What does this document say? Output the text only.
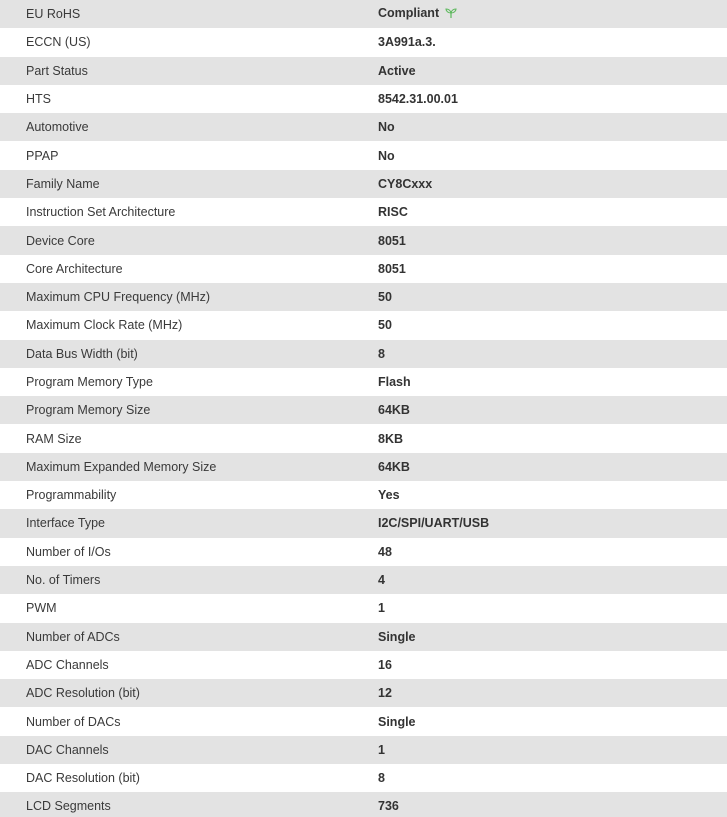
EU RoHS	Compliant
ECCN (US)	3A991a.3.
Part Status	Active
HTS	8542.31.00.01
Automotive	No
PPAP	No
Family Name	CY8Cxxx
Instruction Set Architecture	RISC
Device Core	8051
Core Architecture	8051
Maximum CPU Frequency (MHz)	50
Maximum Clock Rate (MHz)	50
Data Bus Width (bit)	8
Program Memory Type	Flash
Program Memory Size	64KB
RAM Size	8KB
Maximum Expanded Memory Size	64KB
Programmability	Yes
Interface Type	I2C/SPI/UART/USB
Number of I/Os	48
No. of Timers	4
PWM	1
Number of ADCs	Single
ADC Channels	16
ADC Resolution (bit)	12
Number of DACs	Single
DAC Channels	1
DAC Resolution (bit)	8
LCD Segments	736
